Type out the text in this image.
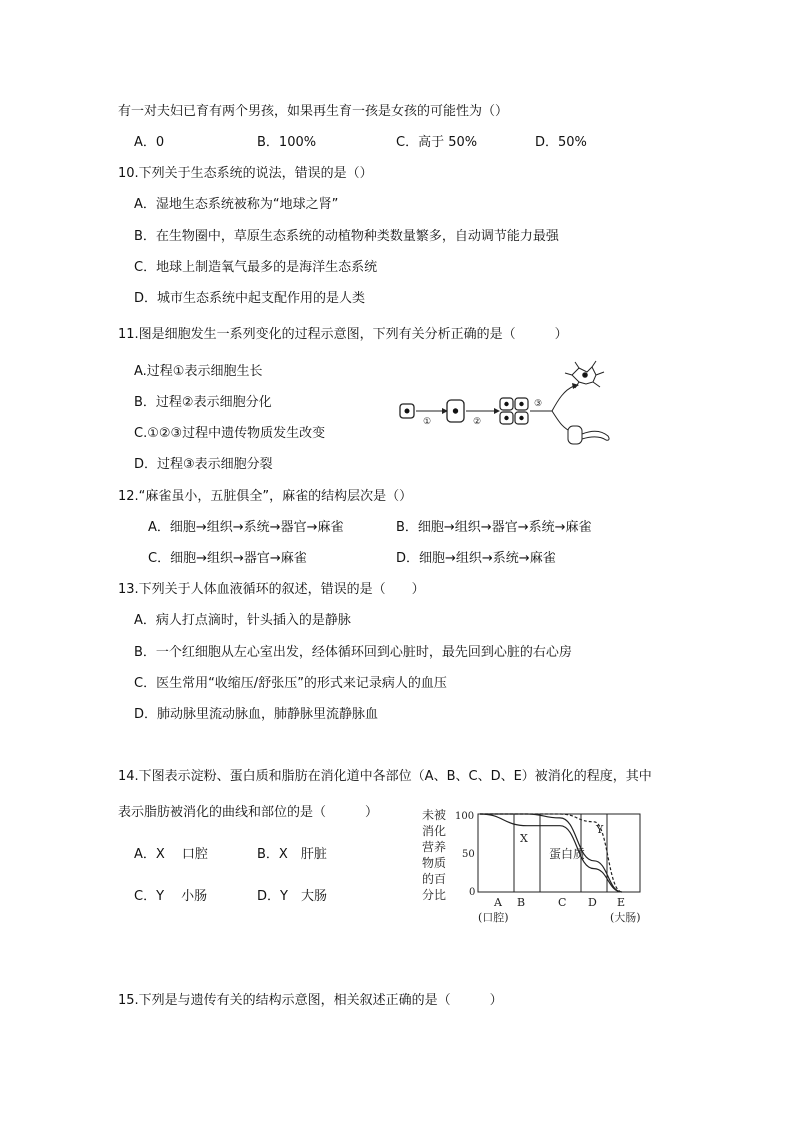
有一对夫妇已育有两个男孩，如果再生育一孩是女孩的可能性为（）
A．0	B．100%	C．高于 50%	D．50%
10.下列关于生态系统的说法，错误的是（）
A．湿地生态系统被称为“地球之肾”
B．在生物圈中，草原生态系统的动植物种类数量繁多，自动调节能力最强
C．地球上制造氧气最多的是海洋生态系统
D．城市生态系统中起支配作用的是人类
11.图是细胞发生一系列变化的过程示意图，下列有关分析正确的是（　　　）
A.过程①表示细胞生长
B．过程②表示细胞分化
C.①②③过程中遗传物质发生改变
D．过程③表示细胞分裂
①	②
③
12.“麻雀虽小，五脏俱全”，麻雀的结构层次是（）
A．细胞→组织→系统→器官→麻雀	B．细胞→组织→器官→系统→麻雀
C．细胞→组织→器官→麻雀	D．细胞→组织→系统→麻雀
13.下列关于人体血液循环的叙述，错误的是（　　）
A．病人打点滴时，针头插入的是静脉
B．一个红细胞从左心室出发，经体循环回到心脏时，最先回到心脏的右心房
C．医生常用“收缩压/舒张压”的形式来记录病人的血压
D．肺动脉里流动脉血，肺静脉里流静脉血
14.下图表示淀粉、蛋白质和脂肪在消化道中各部位（A、B、C、D、E）被消化的程度，其中
表示脂肪被消化的曲线和部位的是（　　　）
A．X　 口腔	B．X　肝脏
C．Y　 小肠	D．Y　大肠
未被
消化
营养
物质
的百
分比
100
50
0
X
Y
蛋白质
A B	C D E
(口腔)	(大肠)
15.下列是与遗传有关的结构示意图，相关叙述正确的是（　　　）
